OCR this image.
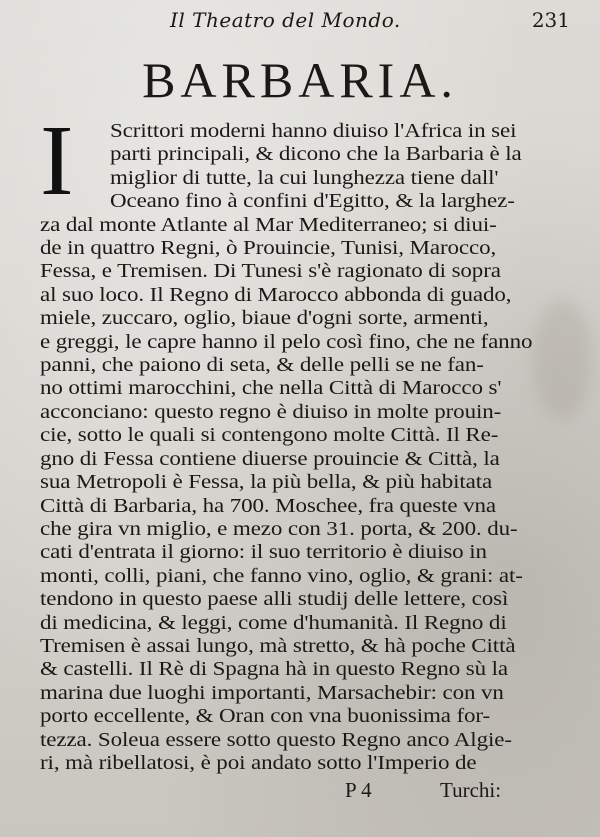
Il Theatro del Mondo.	231
BARBARIA.
I Scrittori moderni hanno diuiso l'Africa in sei
parti principali, & dicono che la Barbaria è la
miglior di tutte, la cui lunghezza tiene dall'
Oceano fino à confini d'Egitto, & la larghez-
za dal monte Atlante al Mar Mediterraneo; si diui-
de in quattro Regni, ò Prouincie, Tunisi, Marocco,
Fessa, e Tremisen. Di Tunesi s'è ragionato di sopra
al suo loco. Il Regno di Marocco abbonda di guado,
miele, zuccaro, oglio, biaue d'ogni sorte, armenti,
e greggi, le capre hanno il pelo così fino, che ne fanno
panni, che paiono di seta, & delle pelli se ne fan-
no ottimi marocchini, che nella Città di Marocco s'
acconciano: questo regno è diuiso in molte prouin-
cie, sotto le quali si contengono molte Città. Il Re-
gno di Fessa contiene diuerse prouincie & Città, la
sua Metropoli è Fessa, la più bella, & più habitata
Città di Barbaria, ha 700. Moschee, fra queste vna
che gira vn miglio, e mezo con 31. porta, & 200. du-
cati d'entrata il giorno: il suo territorio è diuiso in
monti, colli, piani, che fanno vino, oglio, & grani: at-
tendono in questo paese alli studij delle lettere, così
di medicina, & leggi, come d'humanità. Il Regno di
Tremisen è assai lungo, mà stretto, & hà poche Città
& castelli. Il Rè di Spagna hà in questo Regno sù la
marina due luoghi importanti, Marsachebir: con vn
porto eccellente, & Oran con vna buonissima for-
tezza. Soleua essere sotto questo Regno anco Algie-
ri, mà ribellatosi, è poi andato sotto l'Imperio de
P 4	Turchi:
